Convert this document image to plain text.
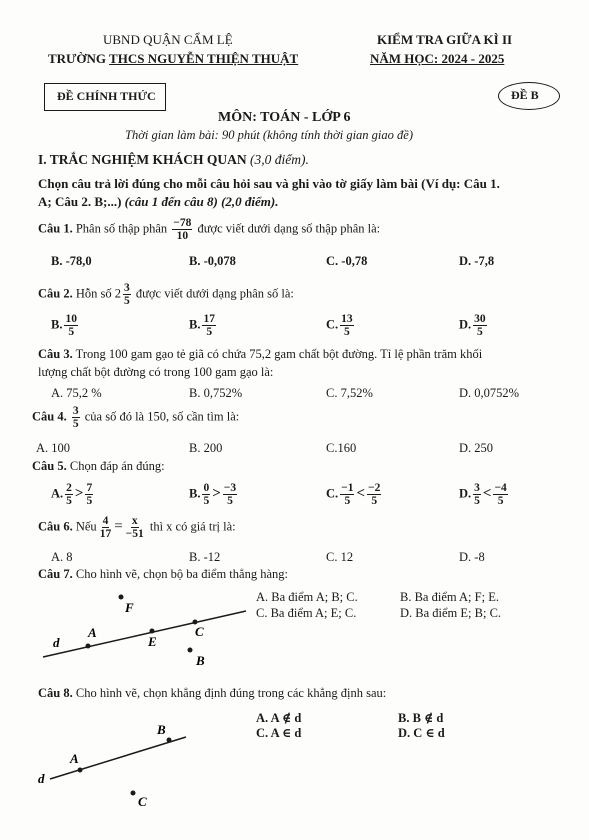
UBND QUẬN CẨM LỆ
TRƯỜNG THCS NGUYỄN THIỆN THUẬT
KIỂM TRA GIỮA KÌ II
NĂM HỌC: 2024 - 2025
ĐỀ CHÍNH THỨC	ĐỀ B
MÔN: TOÁN - LỚP 6
Thời gian làm bài: 90 phút (không tính thời gian giao đề)
I. TRẮC NGHIỆM KHÁCH QUAN (3,0 điểm).
Chọn câu trả lời đúng cho mỗi câu hỏi sau và ghi vào tờ giấy làm bài (Ví dụ: Câu 1.
A; Câu 2. B;...) (câu 1 đến câu 8) (2,0 điểm).
Câu 1. Phân số thập phân $\frac{-78}{10}$ được viết dưới dạng số thập phân là:
B. -78,0	B. -0,078	C. -0,78	D. -7,8
Câu 2. Hỗn số $2 \frac{3}{5}$ được viết dưới dạng phân số là:
B. $\frac{10}{5}$	B. $\frac{17}{5}$	C. $\frac{13}{5}$	D. $\frac{30}{5}$
Câu 3. Trong 100 gam gạo tẻ giã có chứa 75,2 gam chất bột đường. Tỉ lệ phần trăm khối
lượng chất bột đường có trong 100 gam gạo là:
A. 75,2 %	B. 0,752%	C. 7,52%	D. 0,0752%
Câu 4. $\frac{3}{5}$ của số đó là 150, số cần tìm là:
A. 100	B. 200	C.160	D. 250
Câu 5. Chọn đáp án đúng:
A. $\frac{2}{5} > \frac{7}{5}$	B. $\frac{0}{5} > \frac{-3}{5}$	C. $\frac{-1}{5} < \frac{-2}{5}$	D. $\frac{3}{5} < \frac{-4}{5}$
Câu 6. Nếu $\frac{4}{17} = \frac{x}{-51}$ thì x có giá trị là:
A. 8	B. -12	C. 12	D. -8
Câu 7. Cho hình vẽ, chọn bộ ba điểm thẳng hàng:
A. Ba điểm A; B; C.	B. Ba điểm A; F; E.
C. Ba điểm A; E; C.	D. Ba điểm E; B; C.
F
d
A
E
C
B
B
A
d
C
Câu 8. Cho hình vẽ, chọn khẳng định đúng trong các khẳng định sau:
A. A ∉ d	B. B ∉ d
C. A ∈ d	D. C ∈ d
